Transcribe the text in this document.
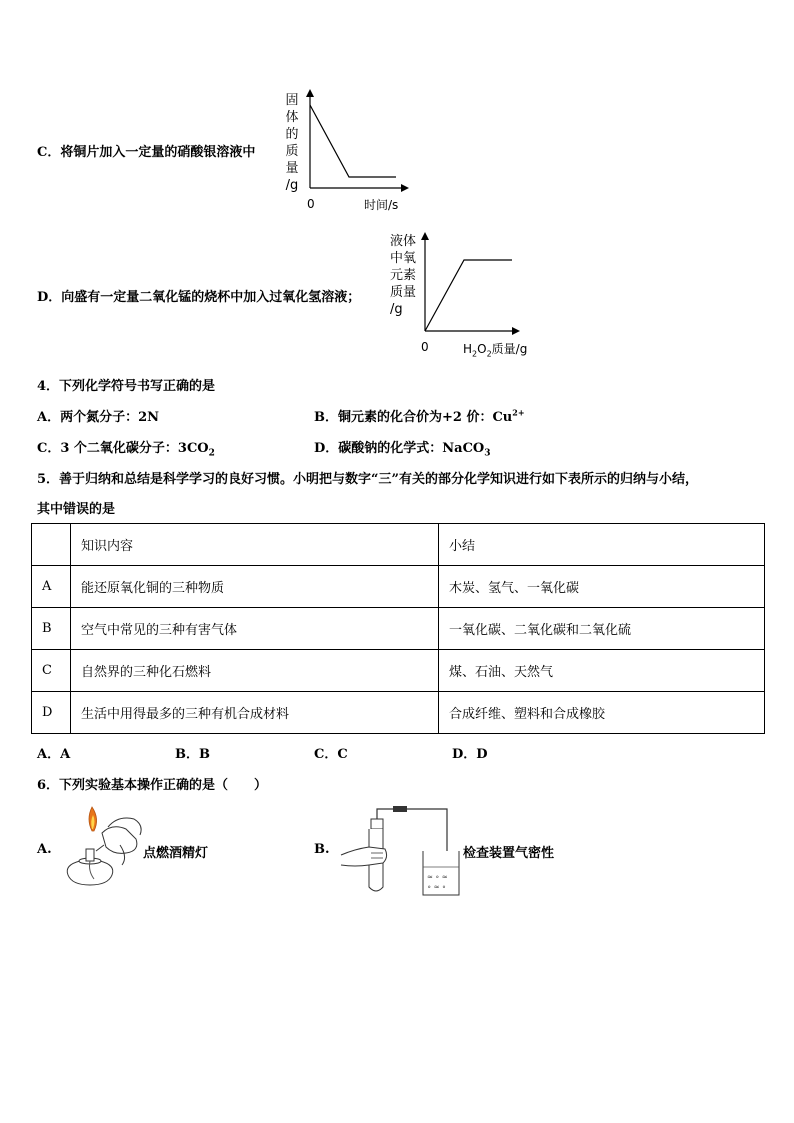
C．将铜片加入一定量的硝酸银溶液中
固
体
的
质
量
/g
0	时间/s
D．向盛有一定量二氧化锰的烧杯中加入过氧化氢溶液；
液体
中氧
元素
质量
/g
0	$H_2O_2$质量/g
4．下列化学符号书写正确的是
A．两个氮分子：2N	B．铜元素的化合价为+2 价：$Cu^{2+}$
C．3 个二氧化碳分子：$3CO_2$	D．碳酸钠的化学式：NaCO$_3$
5．善于归纳和总结是科学学习的良好习惯。小明把与数字“三”有关的部分化学知识进行如下表所示的归纳与小结，
其中错误的是
	知识内容	小结
A	能还原氧化铜的三种物质	木炭、氢气、一氧化碳
B	空气中常见的三种有害气体	一氧化碳、二氧化碳和二氧化硫
C	自然界的三种化石燃料	煤、石油、天然气
D	生活中用得最多的三种有机合成材料	合成纤维、塑料和合成橡胶
A．A	B．B	C．C	D．D
6．下列实验基本操作正确的是（　　）
A.	点燃酒精灯	B.
≈ ∘ ≈
∘ ≈ ∘
检查装置气密性
